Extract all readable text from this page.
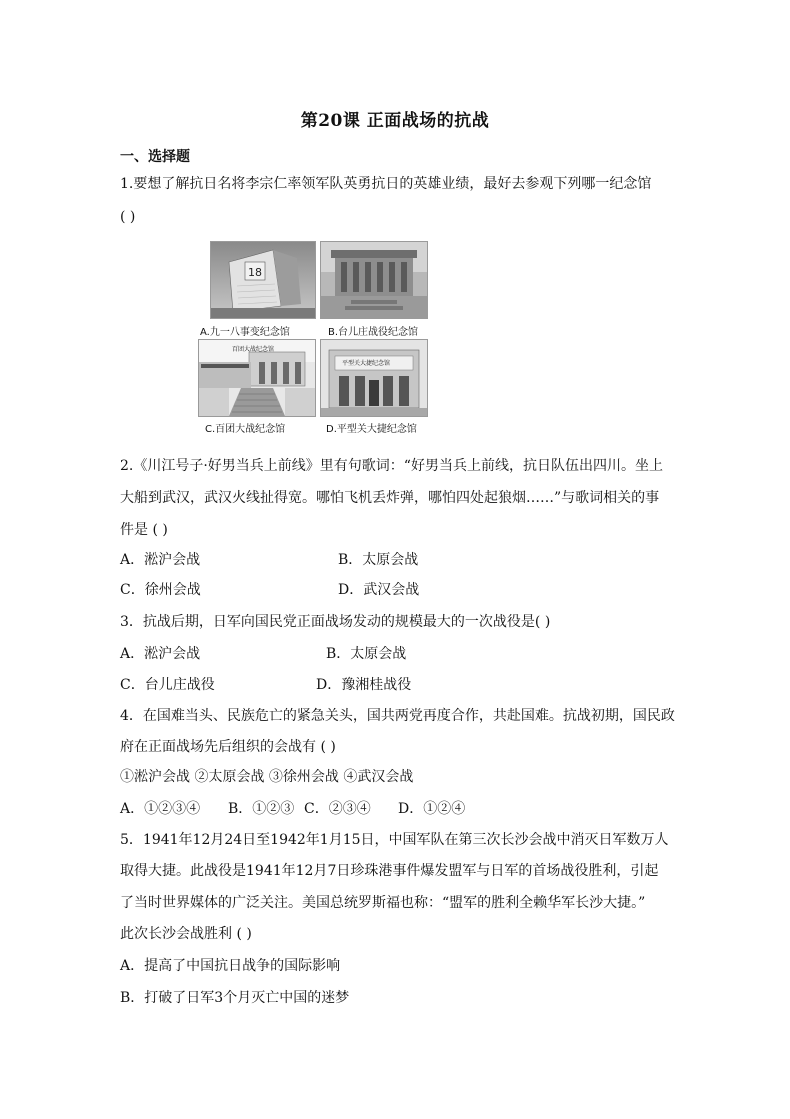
第20课 正面战场的抗战
一、选择题
1.要想了解抗日名将李宗仁率领军队英勇抗日的英雄业绩，最好去参观下列哪一纪念馆
( )
18
A.九一八事变纪念馆	B.台儿庄战役纪念馆
百团大战纪念馆
C.百团大战纪念馆
平型关大捷纪念馆
D.平型关大捷纪念馆
2.《川江号子·好男当兵上前线》里有句歌词：“好男当兵上前线，抗日队伍出四川。坐上
大船到武汉，武汉火线扯得宽。哪怕飞机丢炸弹，哪怕四处起狼烟……”与歌词相关的事
件是 ( )
A．淞沪会战	B．太原会战
C．徐州会战	D．武汉会战
3．抗战后期，日军向国民党正面战场发动的规模最大的一次战役是( )
A．淞沪会战	B．太原会战
C．台儿庄战役	D．豫湘桂战役
4．在国难当头、民族危亡的紧急关头，国共两党再度合作，共赴国难。抗战初期，国民政
府在正面战场先后组织的会战有 ( )
①淞沪会战 ②太原会战 ③徐州会战 ④武汉会战
A．①②③④ B．①②③ C．②③④ D．①②④
5．1941年12月24日至1942年1月15日，中国军队在第三次长沙会战中消灭日军数万人
取得大捷。此战役是1941年12月7日珍珠港事件爆发盟军与日军的首场战役胜利，引起
了当时世界媒体的广泛关注。美国总统罗斯福也称：“盟军的胜利全赖华军长沙大捷。”
此次长沙会战胜利 ( )
A．提高了中国抗日战争的国际影响
B．打破了日军3个月灭亡中国的迷梦
